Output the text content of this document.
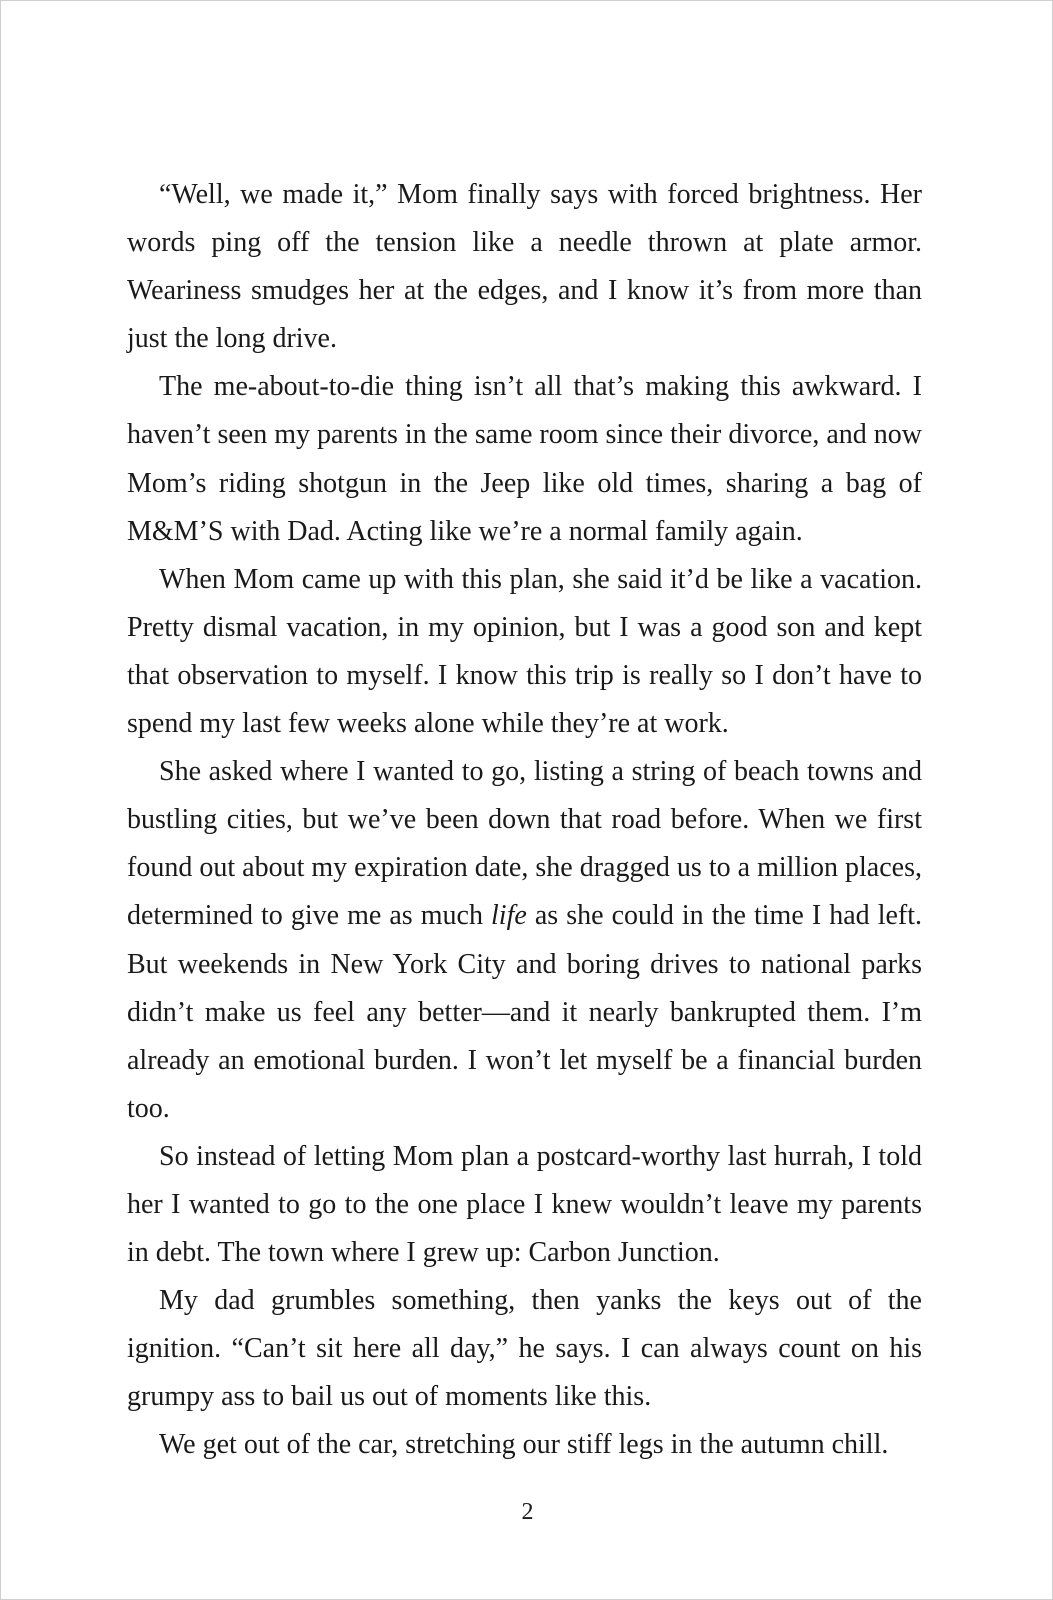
“Well, we made it,” Mom finally says with forced brightness. Her words ping off the tension like a needle thrown at plate armor. Weariness smudges her at the edges, and I know it’s from more than just the long drive.

The me-about-to-die thing isn’t all that’s making this awkward. I haven’t seen my parents in the same room since their divorce, and now Mom’s riding shotgun in the Jeep like old times, sharing a bag of M&M’S with Dad. Acting like we’re a normal family again.

When Mom came up with this plan, she said it’d be like a vacation. Pretty dismal vacation, in my opinion, but I was a good son and kept that observation to myself. I know this trip is really so I don’t have to spend my last few weeks alone while they’re at work.

She asked where I wanted to go, listing a string of beach towns and bustling cities, but we’ve been down that road before. When we first found out about my expiration date, she dragged us to a million places, determined to give me as much life as she could in the time I had left. But weekends in New York City and boring drives to national parks didn’t make us feel any better—and it nearly bankrupted them. I’m already an emotional burden. I won’t let myself be a financial burden too.

So instead of letting Mom plan a postcard-worthy last hurrah, I told her I wanted to go to the one place I knew wouldn’t leave my parents in debt. The town where I grew up: Carbon Junction.

My dad grumbles something, then yanks the keys out of the ignition. “Can’t sit here all day,” he says. I can always count on his grumpy ass to bail us out of moments like this.

We get out of the car, stretching our stiff legs in the autumn chill.

2
